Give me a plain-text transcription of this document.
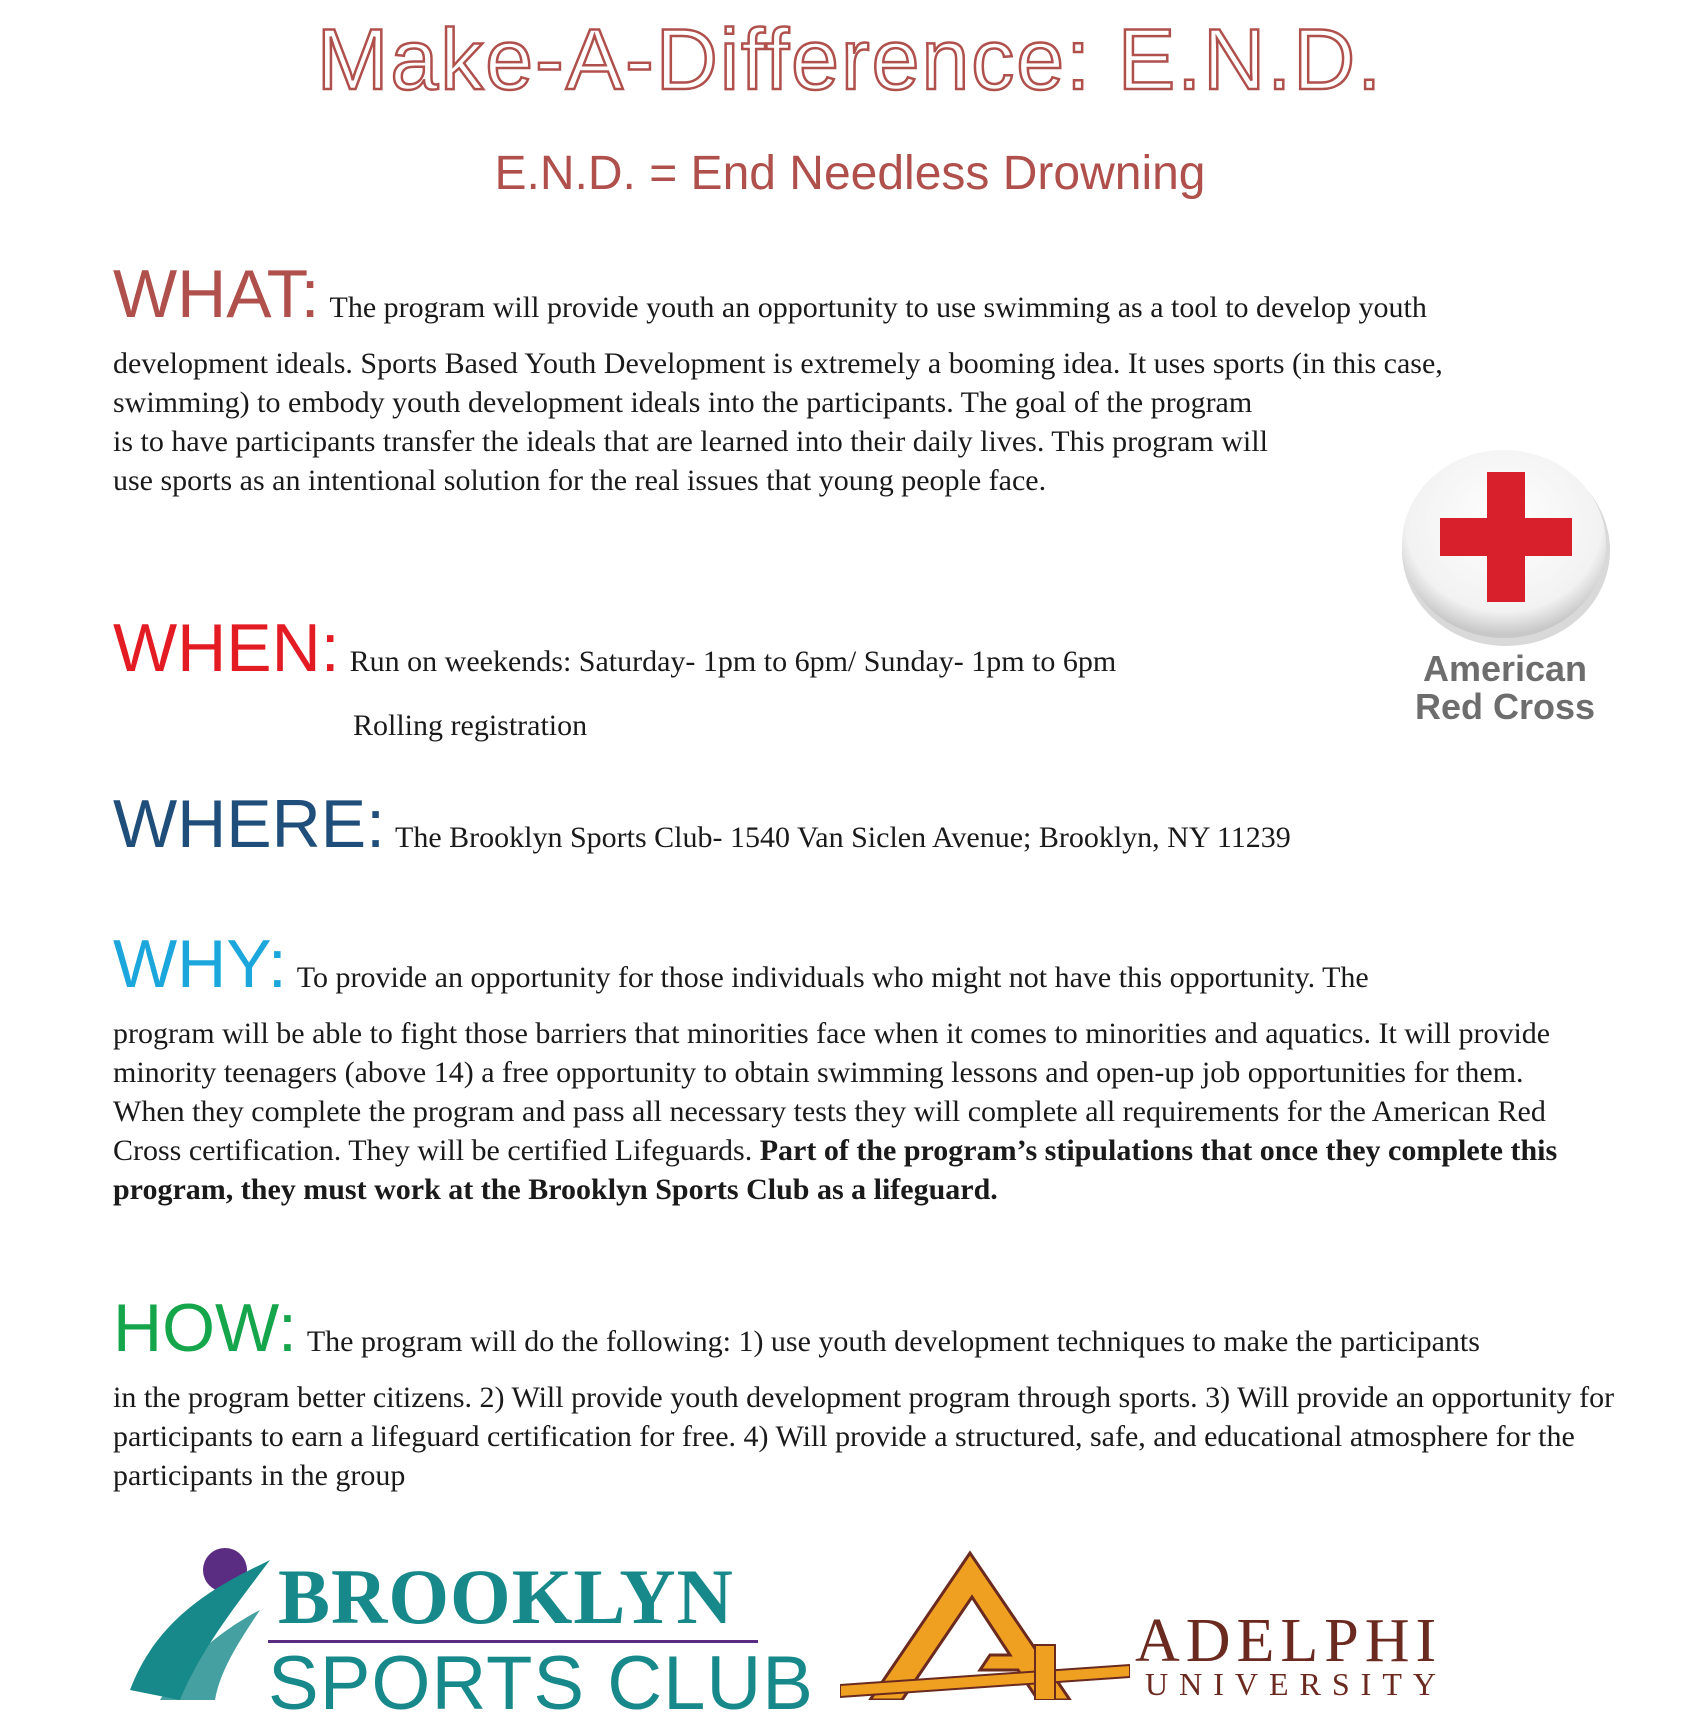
Make-A-Difference: E.N.D.
E.N.D. = End Needless Drowning
WHAT: The program will provide youth an opportunity to use swimming as a tool to develop youth
development ideals. Sports Based Youth Development is extremely a booming idea. It uses sports (in this case,
swimming) to embody youth development ideals into the participants. The goal of the program is to have participants transfer the ideals that are learned into their daily lives. This program will use sports as an intentional solution for the real issues that young people face.
WHEN: Run on weekends: Saturday- 1pm to 6pm/ Sunday- 1pm to 6pm
Rolling registration
WHERE: The Brooklyn Sports Club- 1540 Van Siclen Avenue; Brooklyn, NY 11239
WHY: To provide an opportunity for those individuals who might not have this opportunity. The
program will be able to fight those barriers that minorities face when it comes to minorities and aquatics. It will provide minority teenagers (above 14) a free opportunity to obtain swimming lessons and open-up job opportunities for them. When they complete the program and pass all necessary tests they will complete all requirements for the American Red Cross certification. They will be certified Lifeguards. Part of the program’s stipulations that once they complete this program, they must work at the Brooklyn Sports Club as a lifeguard.
HOW: The program will do the following: 1) use youth development techniques to make the participants
in the program better citizens. 2) Will provide youth development program through sports. 3) Will provide an opportunity for participants to earn a lifeguard certification for free. 4) Will provide a structured, safe, and educational atmosphere for the participants in the group
American
Red Cross
BROOKLYN
SPORTS CLUB	ADELPHI
UNIVERSITY
